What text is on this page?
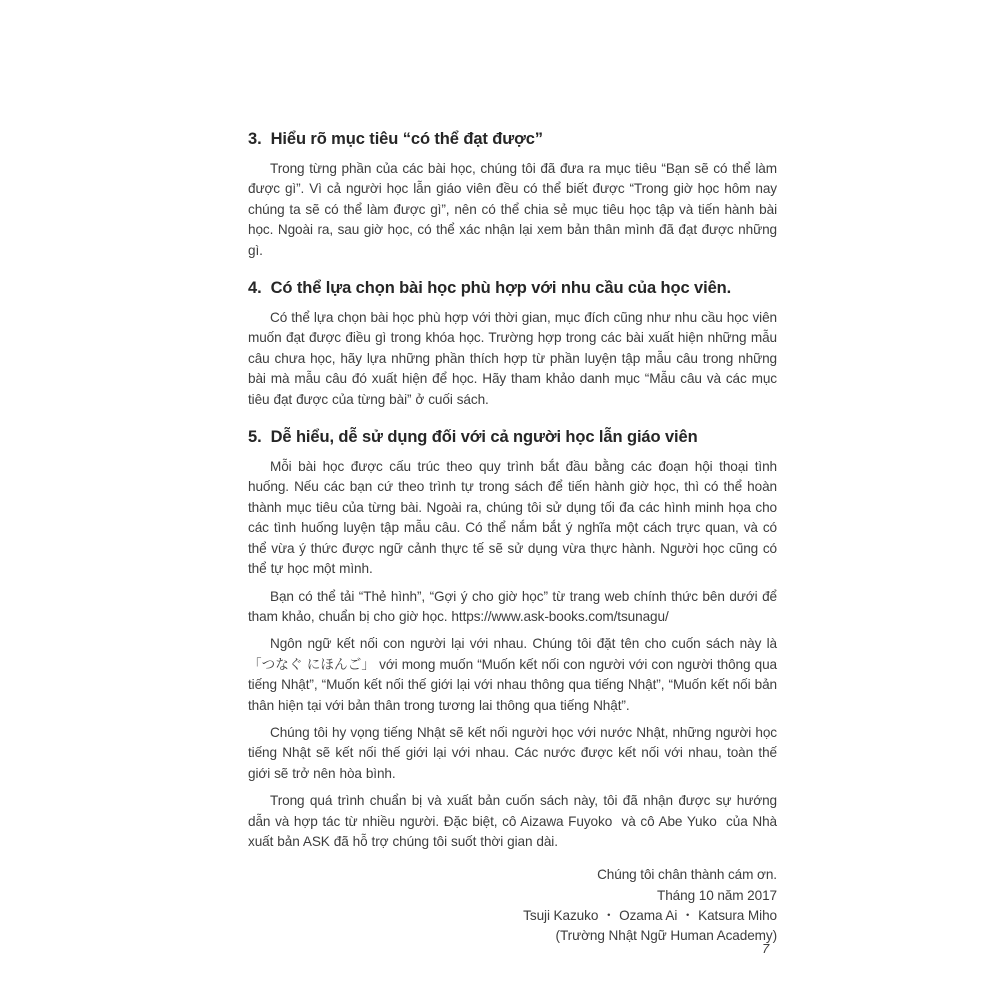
3. Hiểu rõ mục tiêu “có thể đạt được”

Trong từng phần của các bài học, chúng tôi đã đưa ra mục tiêu “Bạn sẽ có thể làm được gì”. Vì cả người học lẫn giáo viên đều có thể biết được “Trong giờ học hôm nay chúng ta sẽ có thể làm được gì”, nên có thể chia sẻ mục tiêu học tập và tiến hành bài học. Ngoài ra, sau giờ học, có thể xác nhận lại xem bản thân mình đã đạt được những gì.

4. Có thể lựa chọn bài học phù hợp với nhu cầu của học viên.

Có thể lựa chọn bài học phù hợp với thời gian, mục đích cũng như nhu cầu học viên muốn đạt được điều gì trong khóa học. Trường hợp trong các bài xuất hiện những mẫu câu chưa học, hãy lựa những phần thích hợp từ phần luyện tập mẫu câu trong những bài mà mẫu câu đó xuất hiện để học. Hãy tham khảo danh mục “Mẫu câu và các mục tiêu đạt được của từng bài” ở cuối sách.

5. Dễ hiểu, dễ sử dụng đối với cả người học lẫn giáo viên

Mỗi bài học được cấu trúc theo quy trình bắt đầu bằng các đoạn hội thoại tình huống. Nếu các bạn cứ theo trình tự trong sách để tiến hành giờ học, thì có thể hoàn thành mục tiêu của từng bài. Ngoài ra, chúng tôi sử dụng tối đa các hình minh họa cho các tình huống luyện tập mẫu câu. Có thể nắm bắt ý nghĩa một cách trực quan, và có thể vừa ý thức được ngữ cảnh thực tế sẽ sử dụng vừa thực hành. Người học cũng có thể tự học một mình.

Bạn có thể tải “Thẻ hình”, “Gợi ý cho giờ học” từ trang web chính thức bên dưới để tham khảo, chuẩn bị cho giờ học. https://www.ask-books.com/tsunagu/

Ngôn ngữ kết nối con người lại với nhau. Chúng tôi đặt tên cho cuốn sách này là 「つなぐ にほんご」 với mong muốn “Muốn kết nối con người với con người thông qua tiếng Nhật”, “Muốn kết nối thế giới lại với nhau thông qua tiếng Nhật”, “Muốn kết nối bản thân hiện tại với bản thân trong tương lai thông qua tiếng Nhật”.

Chúng tôi hy vọng tiếng Nhật sẽ kết nối người học với nước Nhật, những người học tiếng Nhật sẽ kết nối thế giới lại với nhau. Các nước được kết nối với nhau, toàn thế giới sẽ trở nên hòa bình.

Trong quá trình chuẩn bị và xuất bản cuốn sách này, tôi đã nhận được sự hướng dẫn và hợp tác từ nhiều người. Đặc biệt, cô Aizawa Fuyoko  và cô Abe Yuko  của Nhà xuất bản ASK đã hỗ trợ chúng tôi suốt thời gian dài.

Chúng tôi chân thành cám ơn.
Tháng 10 năm 2017
Tsuji Kazuko ・ Ozama Ai ・ Katsura Miho
(Trường Nhật Ngữ Human Academy)
7
